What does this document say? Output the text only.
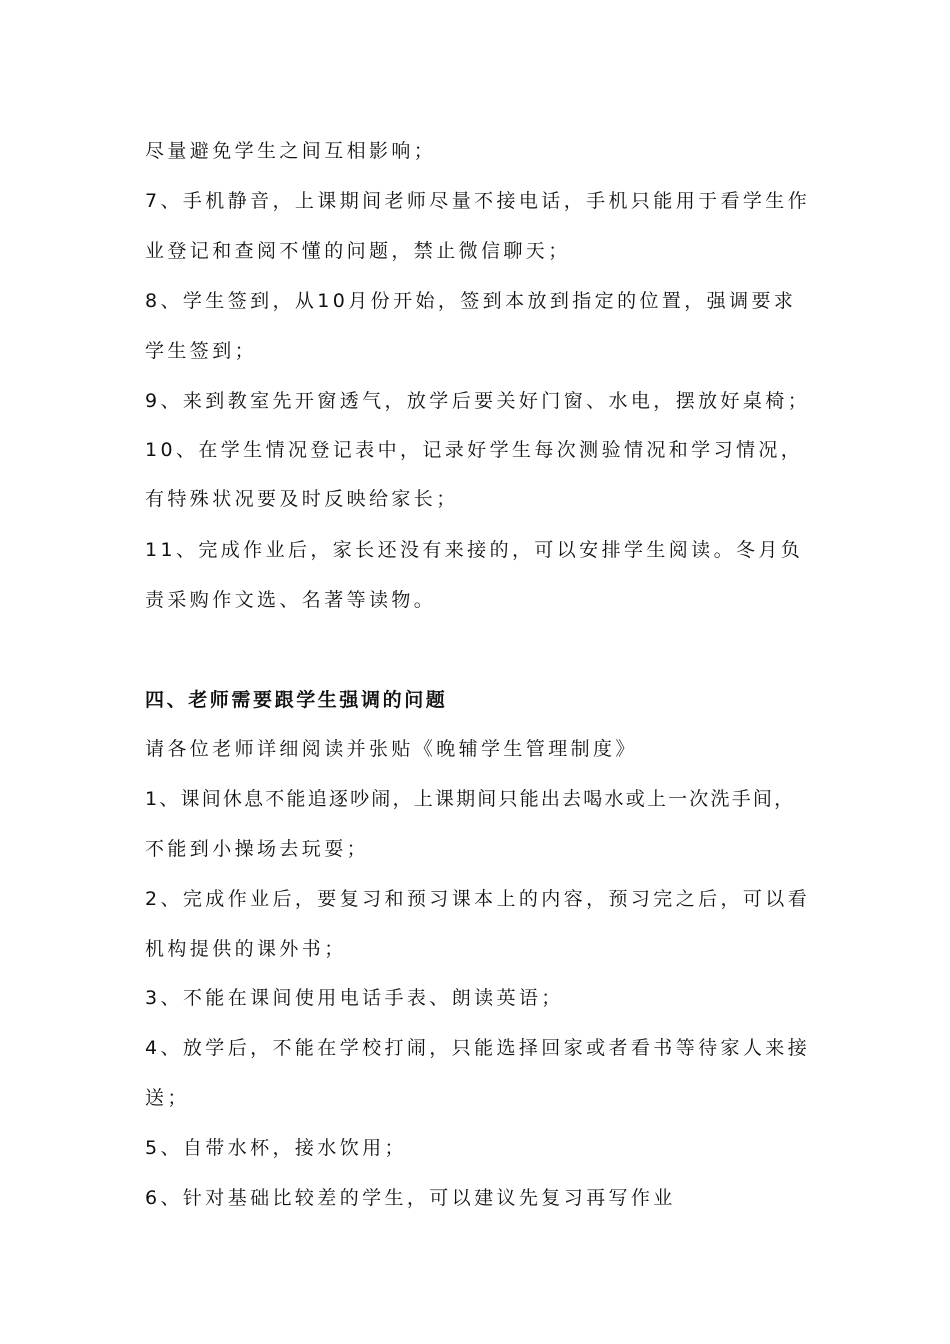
尽量避免学生之间互相影响；
7、手机静音，上课期间老师尽量不接电话，手机只能用于看学生作
业登记和查阅不懂的问题，禁止微信聊天；
8、学生签到，从10月份开始，签到本放到指定的位置，强调要求
学生签到；
9、来到教室先开窗透气，放学后要关好门窗、水电，摆放好桌椅；
10、在学生情况登记表中，记录好学生每次测验情况和学习情况，
有特殊状况要及时反映给家长；
11、完成作业后，家长还没有来接的，可以安排学生阅读。冬月负
责采购作文选、名著等读物。
四、老师需要跟学生强调的问题
请各位老师详细阅读并张贴《晚辅学生管理制度》
1、课间休息不能追逐吵闹，上课期间只能出去喝水或上一次洗手间，
不能到小操场去玩耍；
2、完成作业后，要复习和预习课本上的内容，预习完之后，可以看
机构提供的课外书；
3、不能在课间使用电话手表、朗读英语；
4、放学后，不能在学校打闹，只能选择回家或者看书等待家人来接
送；
5、自带水杯，接水饮用；
6、针对基础比较差的学生，可以建议先复习再写作业
